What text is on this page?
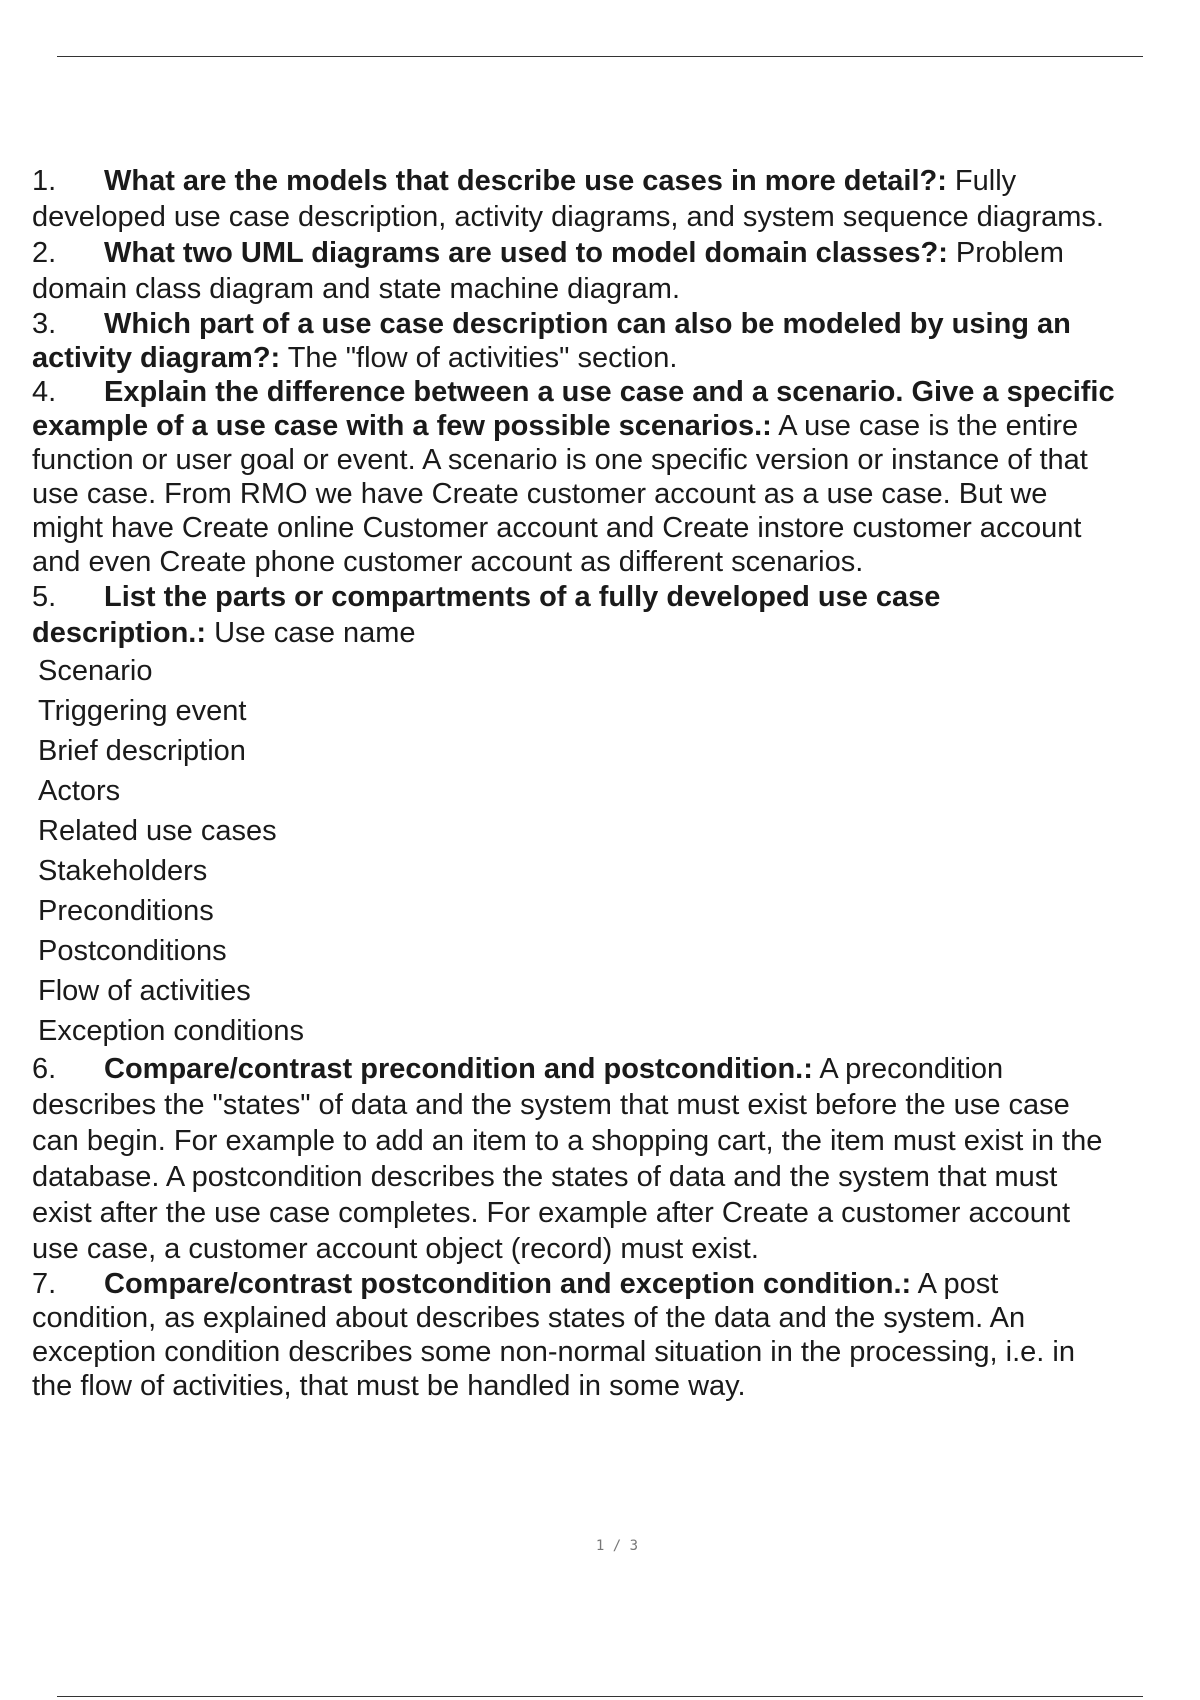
1. What are the models that describe use cases in more detail?: Fully
developed use case description, activity diagrams, and system sequence diagrams.

2. What two UML diagrams are used to model domain classes?: Problem
domain class diagram and state machine diagram.

3. Which part of a use case description can also be modeled by using an
activity diagram?: The "flow of activities" section.

4. Explain the difference between a use case and a scenario. Give a specific
example of a use case with a few possible scenarios.: A use case is the entire
function or user goal or event. A scenario is one specific version or instance of that
use case. From RMO we have Create customer account as a use case. But we
might have Create online Customer account and Create instore customer account
and even Create phone customer account as different scenarios.

5. List the parts or compartments of a fully developed use case
description.: Use case name
Scenario
Triggering event
Brief description
Actors
Related use cases
Stakeholders
Preconditions
Postconditions
Flow of activities
Exception conditions

6. Compare/contrast precondition and postcondition.: A precondition
describes the "states" of data and the system that must exist before the use case
can begin. For example to add an item to a shopping cart, the item must exist in the
database. A postcondition describes the states of data and the system that must
exist after the use case completes. For example after Create a customer account
use case, a customer account object (record) must exist.

7. Compare/contrast postcondition and exception condition.: A post
condition, as explained about describes states of the data and the system. An
exception condition describes some non-normal situation in the processing, i.e. in
the flow of activities, that must be handled in some way.

1 / 3
